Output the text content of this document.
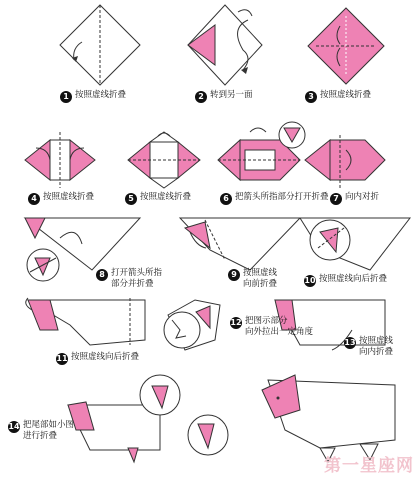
1 按照虚线折叠	2 转到另一面	3 按照虚线折叠
4 按照虚线折叠	5 按照虚线折叠	6 把箭头所指部分打开折叠 7 向内对折
8 打开箭头所指
部分并折叠
9 按照虚线
向前折叠	10 按照虚线向后折叠
11 按照虚线向后折叠
12 把图示部分
向外拉出一定角度
13 按照虚线
向内折叠
14 把尾部如小图
进行折叠
第一星座网
